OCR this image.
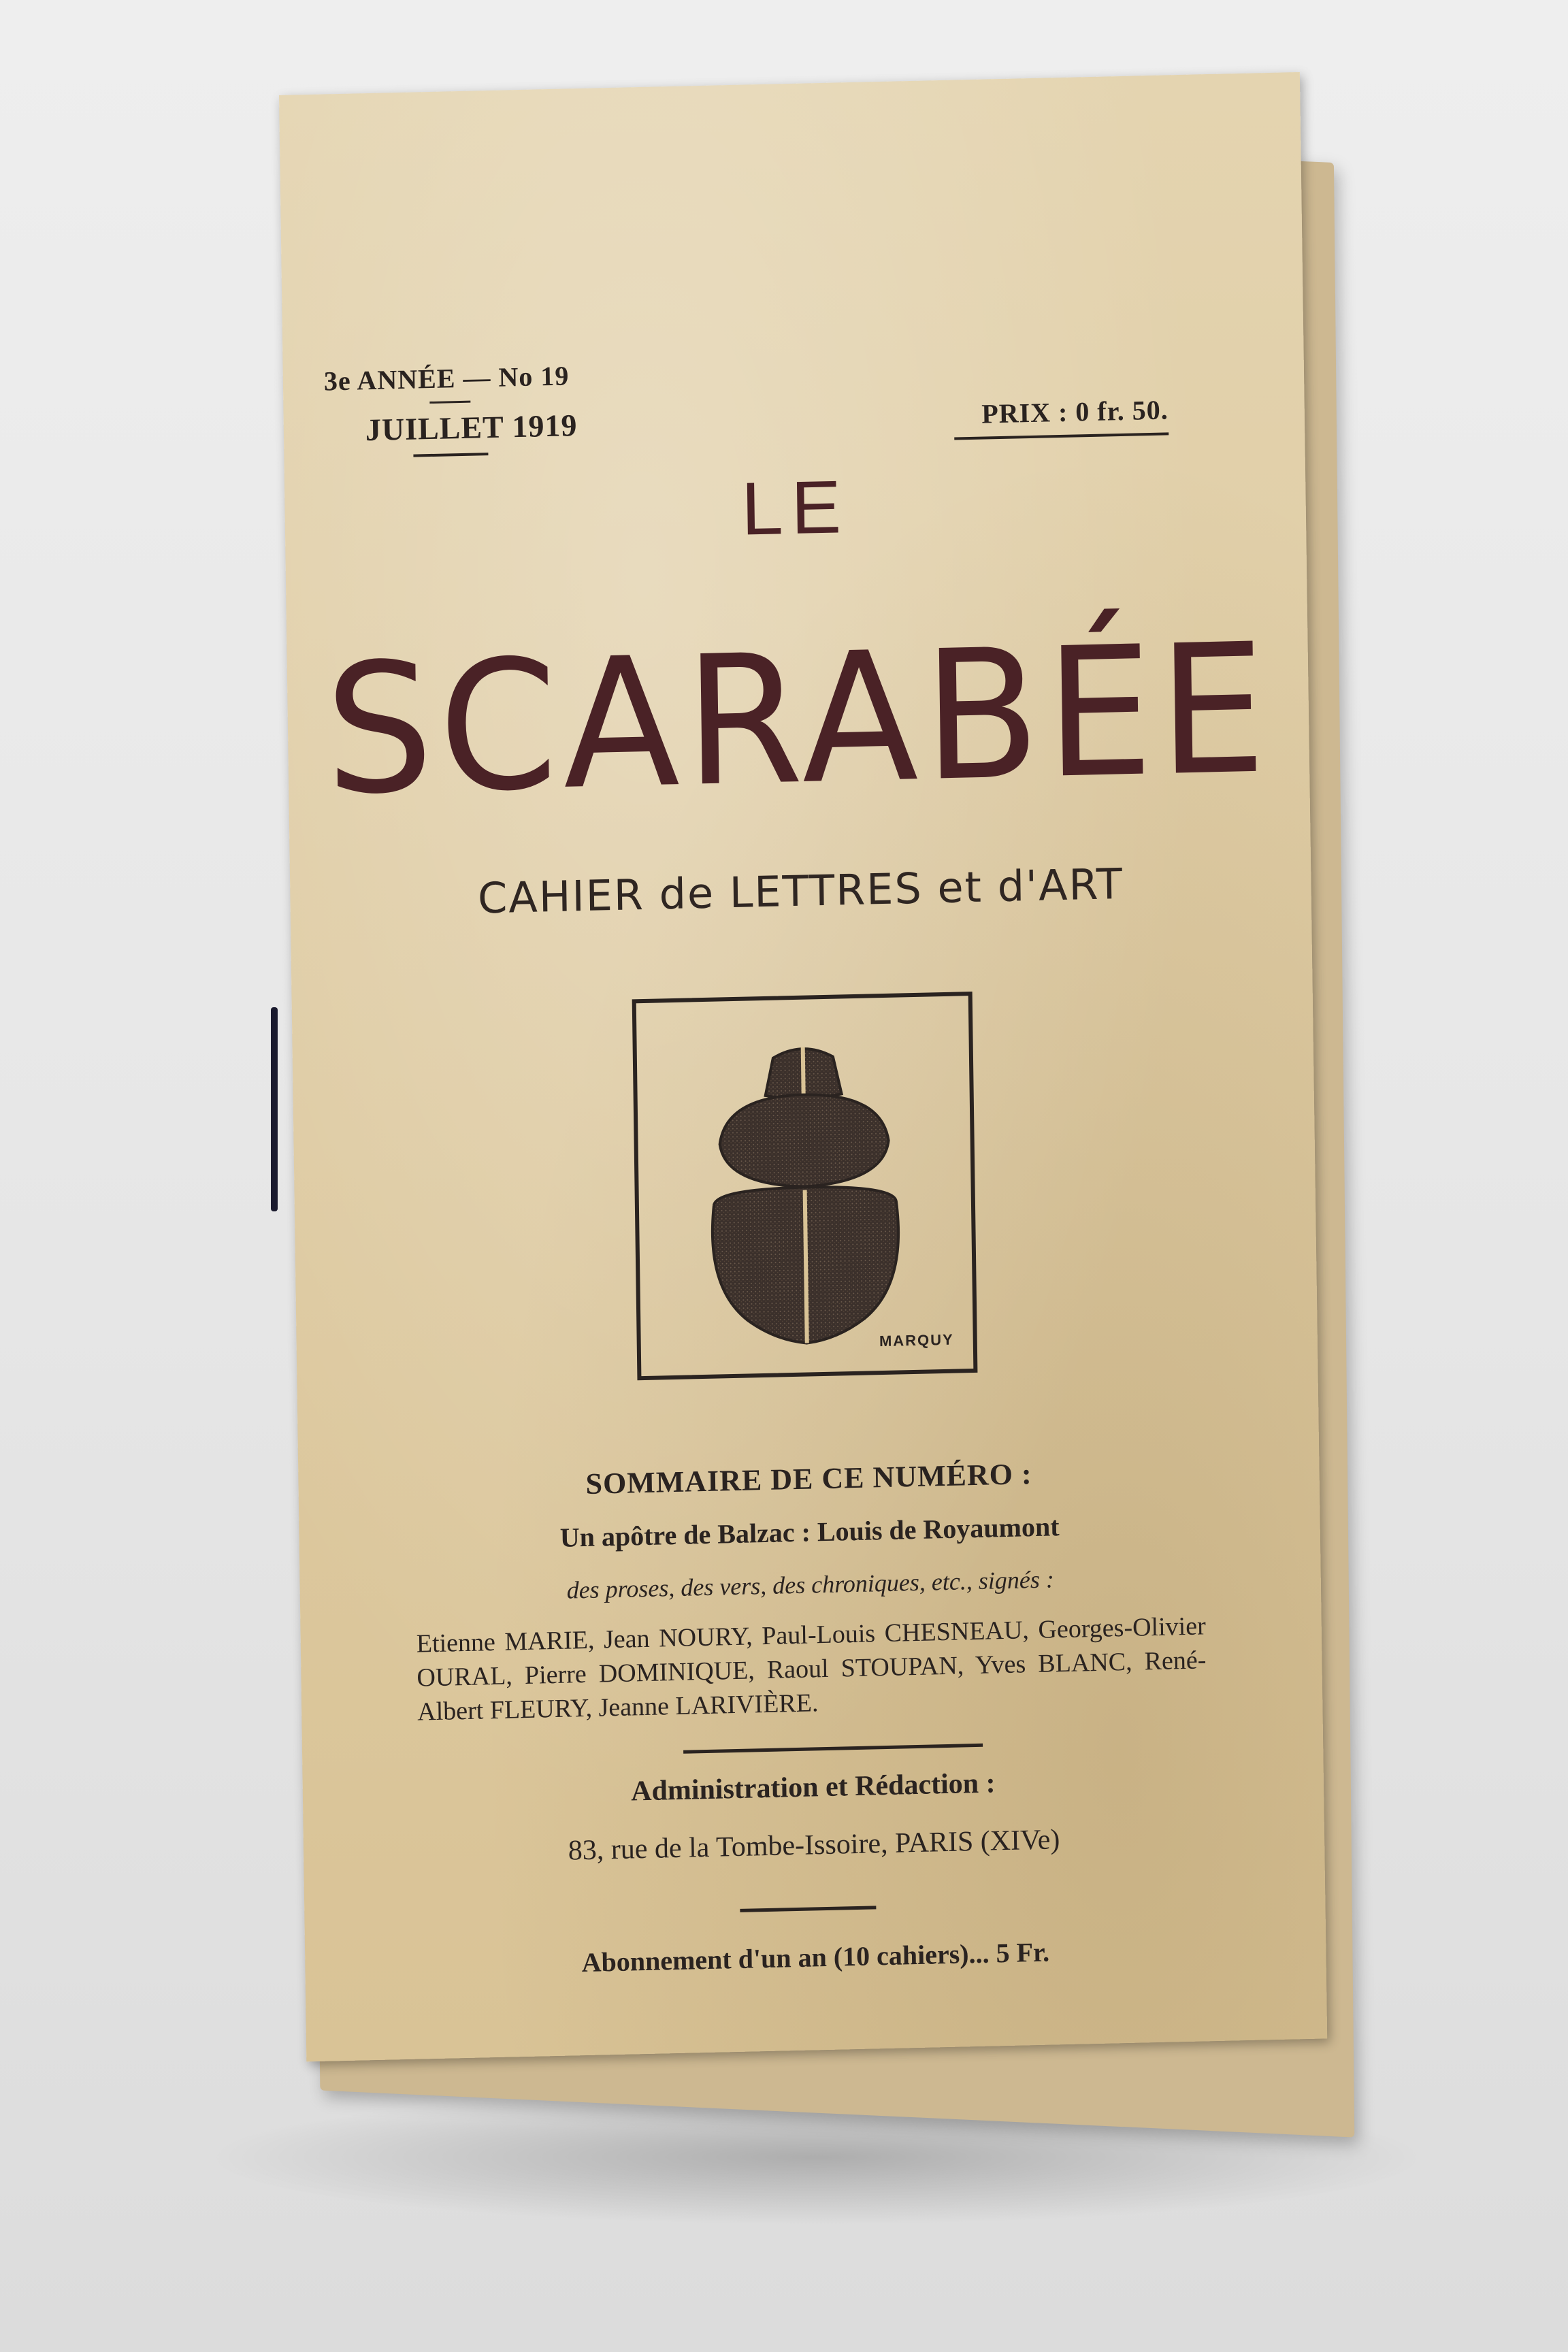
3e ANNÉE — No 19
JUILLET 1919	PRIX : 0 fr. 50.
LE
SCARABÉE
CAHIER de LETTRES et d'ART
MARQUY
SOMMAIRE DE CE NUMÉRO :
Un apôtre de Balzac : Louis de Royaumont
des proses, des vers, des chroniques, etc., signés :
Etienne MARIE, Jean NOURY, Paul-Louis CHESNEAU, Georges-Olivier OURAL, Pierre DOMINIQUE, Raoul STOUPAN, Yves BLANC, René-Albert FLEURY, Jeanne LARIVIÈRE.
Administration et Rédaction :
83, rue de la Tombe-Issoire, PARIS (XIVe)
Abonnement d'un an (10 cahiers)... 5 Fr.
